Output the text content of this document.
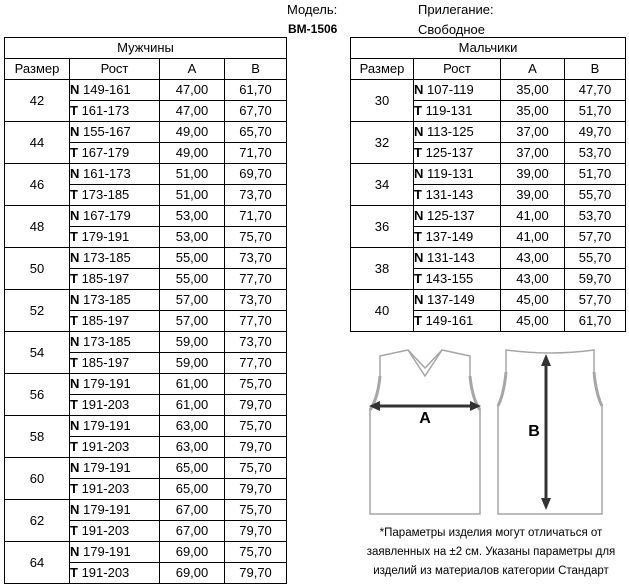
Модель:
BM-1506
Прилегание:
Свободное
Мужчины			
Размер	Рост	A	B
42	N 149-161	47,00	61,70
	T 161-173	47,00	67,70
44	N 155-167	49,00	65,70
	T 167-179	49,00	71,70
46	N 161-173	51,00	69,70
	T 173-185	51,00	73,70
48	N 167-179	53,00	71,70
	T 179-191	53,00	75,70
50	N 173-185	55,00	73,70
	T 185-197	55,00	77,70
52	N 173-185	57,00	73,70
	T 185-197	57,00	77,70
54	N 173-185	59,00	73,70
	T 185-197	59,00	77,70
56	N 179-191	61,00	75,70
	T 191-203	61,00	79,70
58	N 179-191	63,00	75,70
	T 191-203	63,00	79,70
60	N 179-191	65,00	75,70
	T 191-203	65,00	79,70
62	N 179-191	67,00	75,70
	T 191-203	67,00	79,70
64	N 179-191	69,00	75,70
	T 191-203	69,00	79,70
Мальчики			
Размер	Рост	A	B
30	N 107-119	35,00	47,70
	T 119-131	35,00	51,70
32	N 113-125	37,00	49,70
	T 125-137	37,00	53,70
34	N 119-131	39,00	51,70
	T 131-143	39,00	55,70
36	N 125-137	41,00	53,70
	T 137-149	41,00	57,70
38	N 131-143	43,00	55,70
	T 143-155	43,00	59,70
40	N 137-149	45,00	57,70
	T 149-161	45,00	61,70
A
B
*Параметры изделия могут отличаться от
заявленных на ±2 см. Указаны параметры для
изделий из материалов категории Стандарт
